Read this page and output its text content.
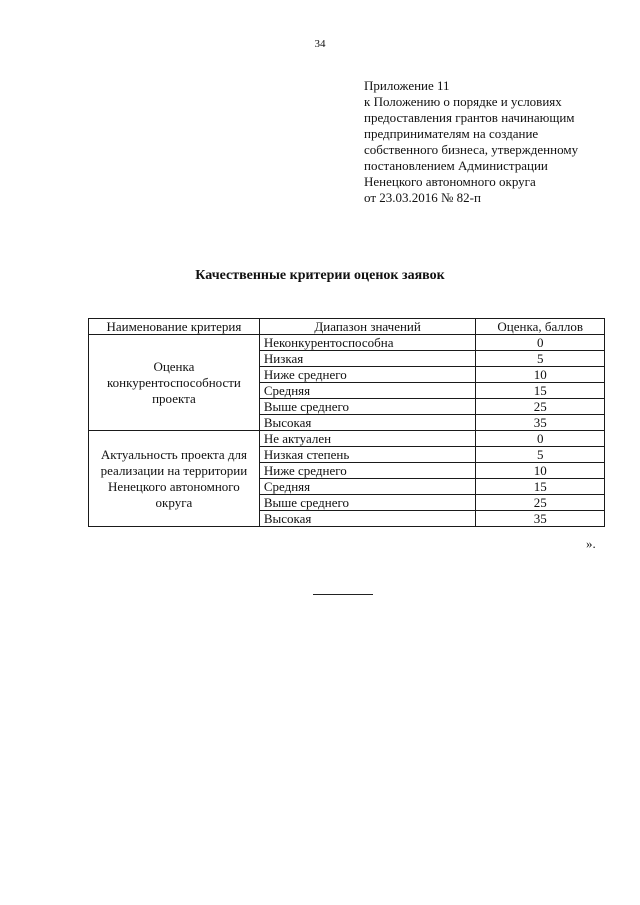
34
Приложение 11
к Положению о порядке и условиях
предоставления грантов начинающим
предпринимателям на создание
собственного бизнеса, утвержденному
постановлением Администрации
Ненецкого автономного округа
от 23.03.2016 № 82-п
Качественные критерии оценок заявок
Наименование критерия	Диапазон значений	Оценка, баллов
Оценка конкурентоспособности проекта	Неконкурентоспособна	0
	Низкая	5
	Ниже среднего	10
	Средняя	15
	Выше среднего	25
	Высокая	35
Актуальность проекта для реализации на территории Ненецкого автономного округа	Не актуален	0
	Низкая степень	5
	Ниже среднего	10
	Средняя	15
	Выше среднего	25
	Высокая	35
».
